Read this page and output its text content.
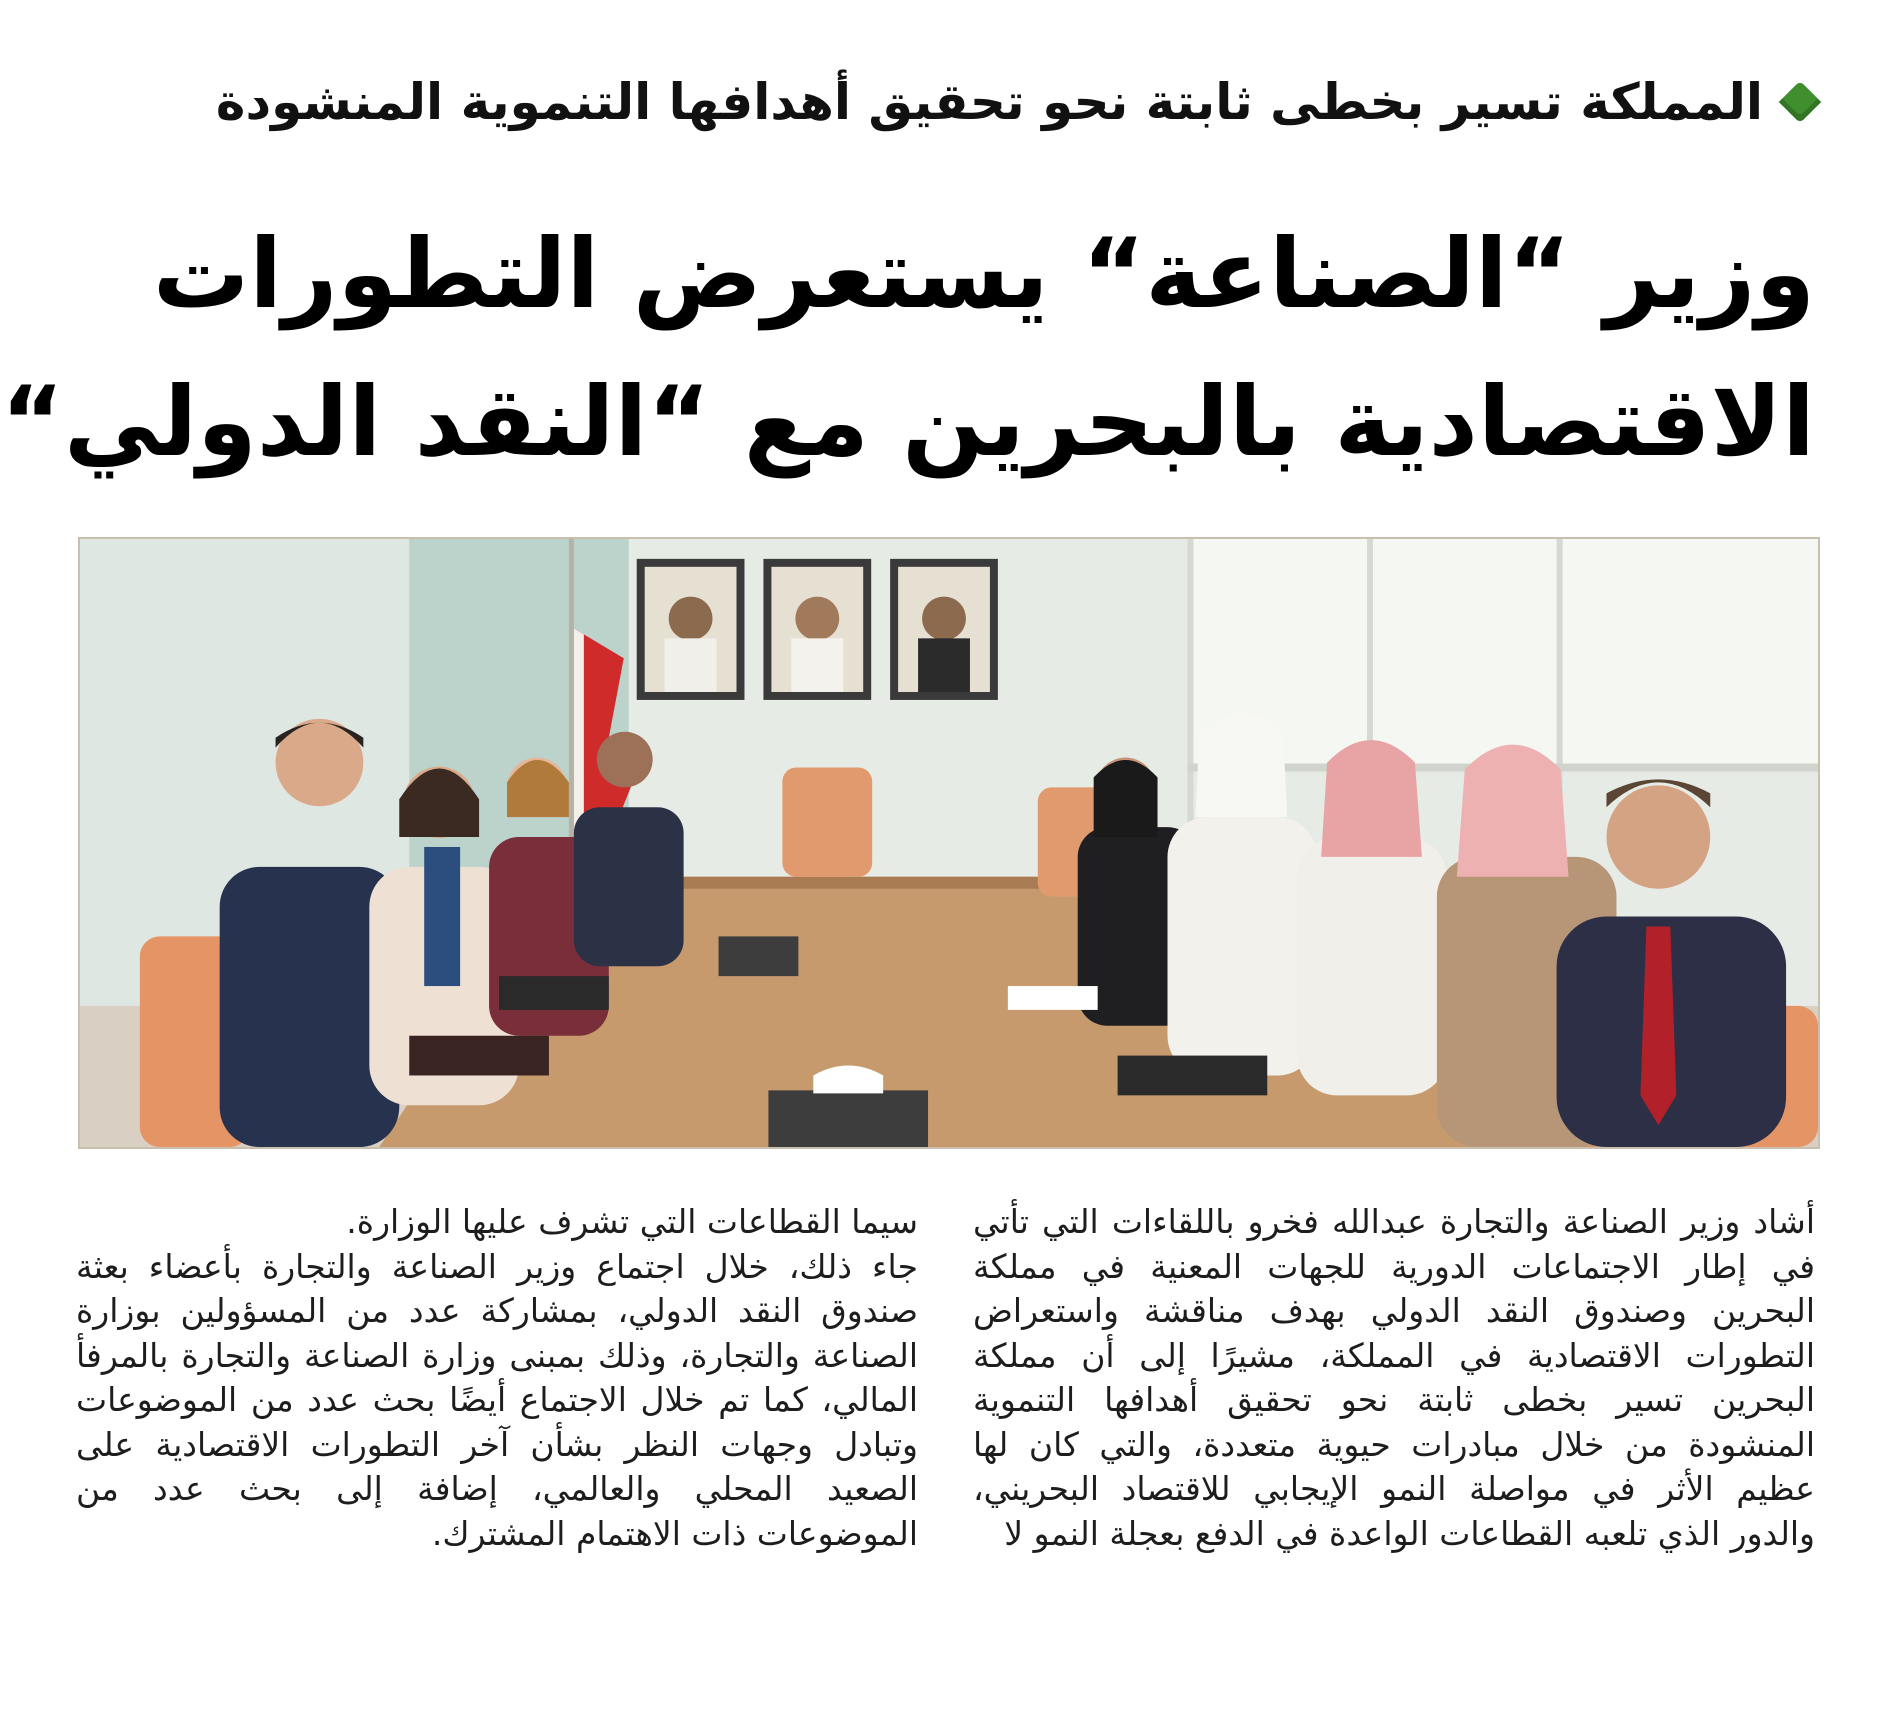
المملكة تسير بخطى ثابتة نحو تحقيق أهدافها التنموية المنشودة
وزير “الصناعة“ يستعرض التطورات
الاقتصادية بالبحرين مع “النقد الدولي“

أشاد وزير الصناعة والتجارة عبدالله فخرو باللقاءات التي تأتي في إطار الاجتماعات الدورية للجهات المعنية في مملكة البحرين وصندوق النقد الدولي بهدف مناقشة واستعراض التطورات الاقتصادية في المملكة، مشيرًا إلى أن مملكة البحرين تسير بخطى ثابتة نحو تحقيق أهدافها التنموية المنشودة من خلال مبادرات حيوية متعددة، والتي كان لها عظيم الأثر في مواصلة النمو الإيجابي للاقتصاد البحريني، والدور الذي تلعبه القطاعات الواعدة في الدفع بعجلة النمو لا

سيما القطاعات التي تشرف عليها الوزارة.

جاء ذلك، خلال اجتماع وزير الصناعة والتجارة بأعضاء بعثة صندوق النقد الدولي، بمشاركة عدد من المسؤولين بوزارة الصناعة والتجارة، وذلك بمبنى وزارة الصناعة والتجارة بالمرفأ المالي، كما تم خلال الاجتماع أيضًا بحث عدد من الموضوعات وتبادل وجهات النظر بشأن آخر التطورات الاقتصادية على الصعيد المحلي والعالمي، إضافة إلى بحث عدد من الموضوعات ذات الاهتمام المشترك.
